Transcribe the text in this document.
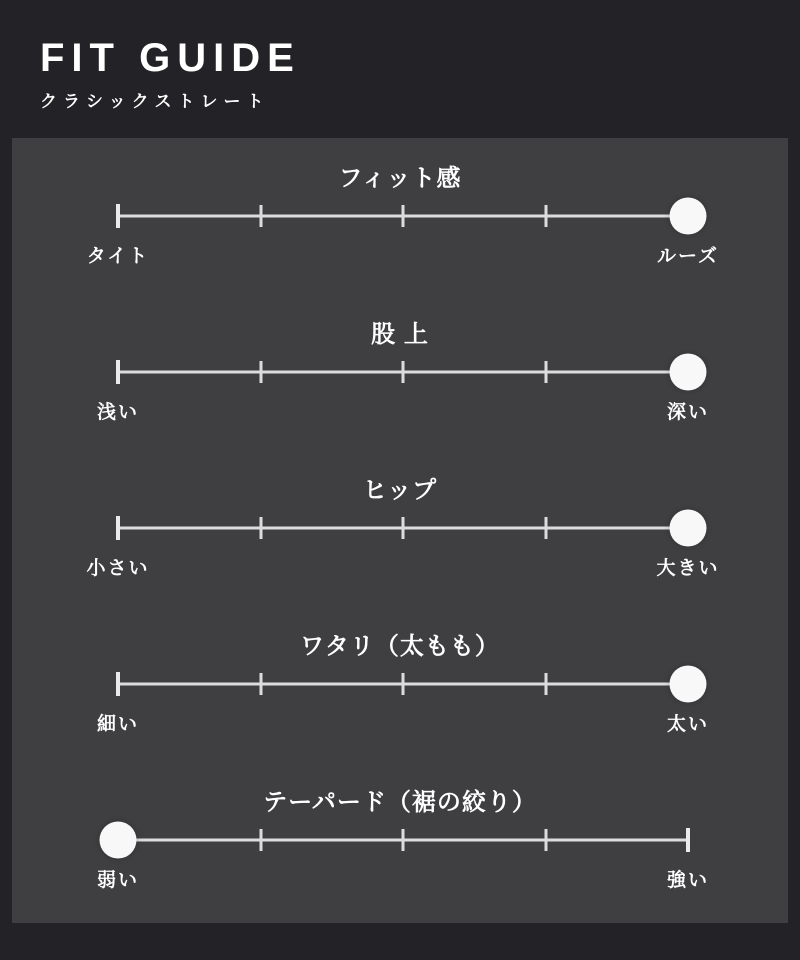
FIT GUIDE
クラシックストレート
フィット感
タイト	ルーズ
股 上
浅い	深い
ヒップ
小さい	大きい
ワタリ（太もも）
細い	太い
テーパード（裾の絞り）
弱い	強い
